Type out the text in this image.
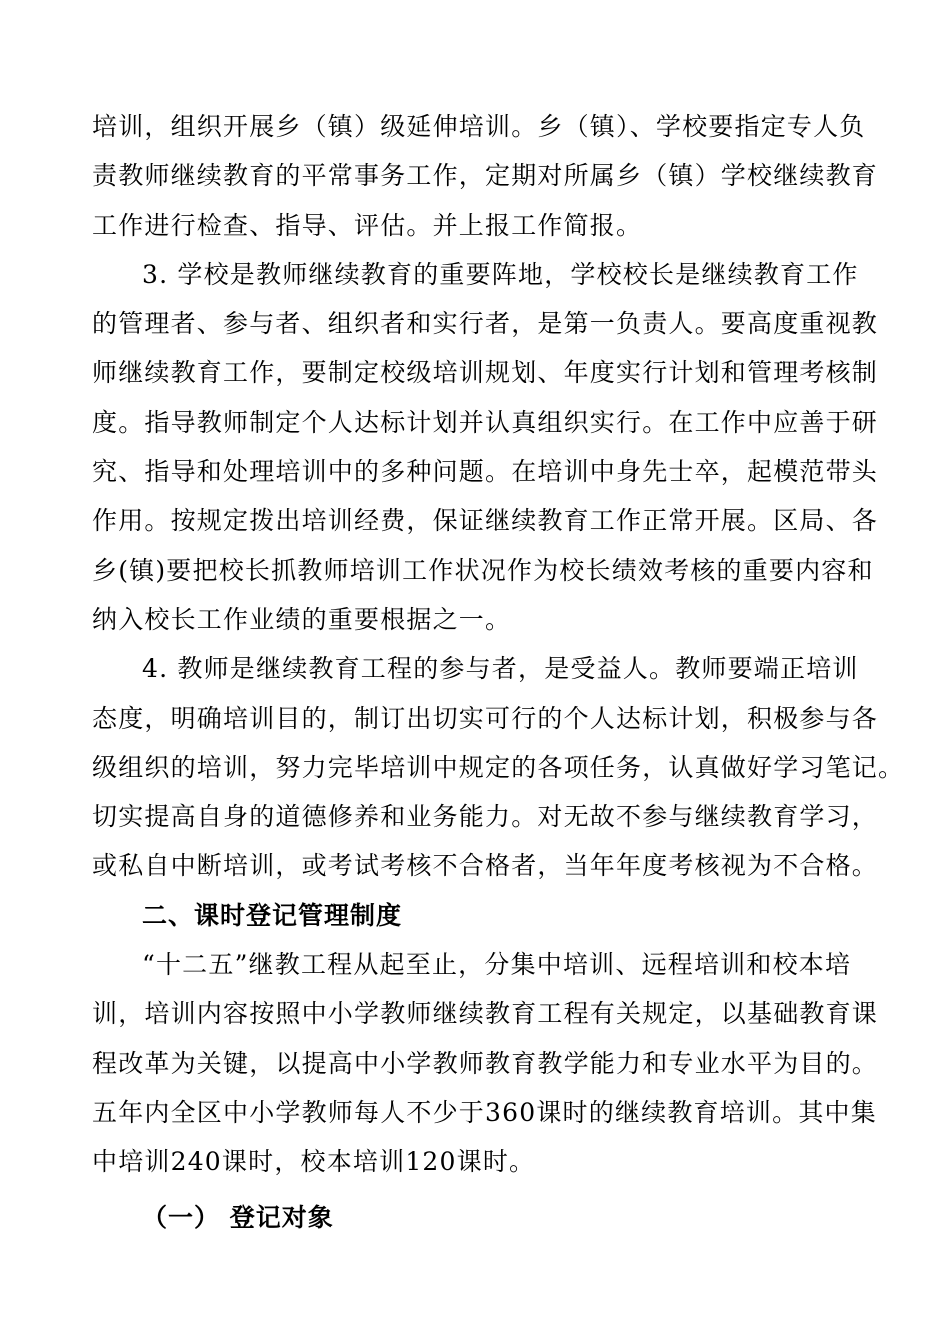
培训，组织开展乡（镇）级延伸培训。乡（镇）、学校要指定专人负
责教师继续教育的平常事务工作，定期对所属乡（镇）学校继续教育
工作进行检查、指导、评估。并上报工作简报。
3. 学校是教师继续教育的重要阵地，学校校长是继续教育工作
的管理者、参与者、组织者和实行者，是第一负责人。要高度重视教
师继续教育工作，要制定校级培训规划、年度实行计划和管理考核制
度。指导教师制定个人达标计划并认真组织实行。在工作中应善于研
究、指导和处理培训中的多种问题。在培训中身先士卒，起模范带头
作用。按规定拨出培训经费，保证继续教育工作正常开展。区局、各
乡(镇)要把校长抓教师培训工作状况作为校长绩效考核的重要内容和
纳入校长工作业绩的重要根据之一。
4. 教师是继续教育工程的参与者，是受益人。教师要端正培训
态度，明确培训目的，制订出切实可行的个人达标计划，积极参与各
级组织的培训，努力完毕培训中规定的各项任务，认真做好学习笔记。
切实提高自身的道德修养和业务能力。对无故不参与继续教育学习，
或私自中断培训，或考试考核不合格者，当年年度考核视为不合格。
二、课时登记管理制度
“十二五”继教工程从起至止，分集中培训、远程培训和校本培
训，培训内容按照中小学教师继续教育工程有关规定，以基础教育课
程改革为关键，以提高中小学教师教育教学能力和专业水平为目的。
五年内全区中小学教师每人不少于360课时的继续教育培训。其中集
中培训240课时，校本培训120课时。
（一） 登记对象
